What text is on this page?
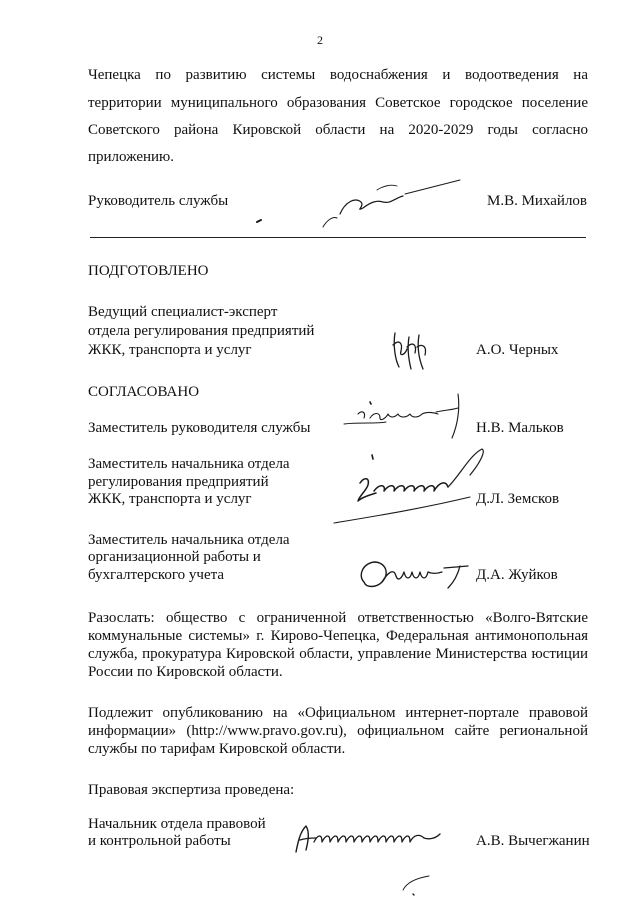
2
Чепецка по развитию системы водоснабжения и водоотведения на
территории муниципального образования Советское городское поселение
Советского района Кировской области на 2020-2029 годы согласно
приложению.
Руководитель службы	М.В. Михайлов
ПОДГОТОВЛЕНО
Ведущий специалист-эксперт
отдела регулирования предприятий
ЖКК, транспорта и услуг	А.О. Черных
СОГЛАСОВАНО
Заместитель руководителя службы	Н.В. Мальков
Заместитель начальника отдела
регулирования предприятий
ЖКК, транспорта и услуг	Д.Л. Земсков
Заместитель начальника отдела
организационной работы и
бухгалтерского учета	Д.А. Жуйков
Разослать: общество с ограниченной ответственностью «Волго-Вятские
коммунальные системы» г. Кирово-Чепецка, Федеральная антимонопольная
служба, прокуратура Кировской области, управление Министерства юстиции
России по Кировской области.
Подлежит опубликованию на «Официальном интернет-портале правовой
информации» (http://www.pravo.gov.ru), официальном сайте региональной
службы по тарифам Кировской области.
Правовая экспертиза проведена:
Начальник отдела правовой
и контрольной работы	А.В. Вычегжанин
